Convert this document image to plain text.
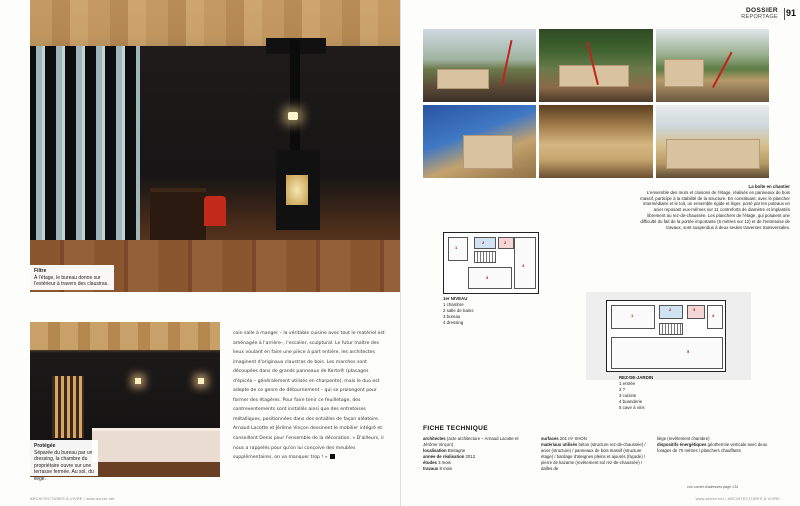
Filtre
À l'étage, le bureau donne sur l'extérieur à travers des claustras.
Protégée
Séparée du bureau par un dressing, la chambre du propriétaire ouvre sur une terrasse fermée. Au sol, du liège.
coin salle à manger – la véritable cuisine avec tout le matériel est aménagée à l'arrière–, l'escalier, sculptural. Le futur maître des lieux voulant en faire une pièce à part entière, les architectes imaginent d'originaux claustras de bois. Les marches sont découpées dans de grands panneaux de Kerto® (placages d'épicéa – généralement utilisés en charpente), mais le duo est adepte de ce genre de détournement – qui se prolongent pour former des étagères. Pour faire tenir ce feuilletage, des contreventements sont installés ainsi que des entretoises métalliques, positionnées dans des entailles de façon aléatoire. Arnaud Lacotte et Jérôme Vinçon dessinent le mobilier intégré et conseillent Denis pour l'ensemble de la décoration. « D'ailleurs, il nous a rappelés pour qu'on lui conçoive des meubles supplémentaires, on va manquer trop ! »
ARCHITECTURES À VIVRE / www.avivre.net
DOSSIER
REPORTAGE 91
La boîte en chantier
L'ensemble des murs et cloisons de l'étage, réalisés en panneaux de bois massif, participe à la stabilité de la structure. En constituant, avec le plancher intermédiaire et le toit, un ensemble rigide et léger, porté par les poteaux en acier reposant eux-mêmes sur 11 contreforts de diamètre et implantés librement au rez-de-chaussée. Les planchers de l'étage, qui posaient une difficulté du fait de la portée importante (6 mètres sur 12) et de l'entretoise de travaux, sont suspendus à deux seules traverses transversales.
1
2	2
3
4
1er NIVEAU
1 chambre
2 salle de bains
3 bureau
4 dressing
1
2	3
4
5
REZ-DE-JARDIN
1 entrée
2 ?
3 cuisine
4 buanderie
5 cave à vins
FICHE TECHNIQUE
architectes (acte architecture – Arnaud Lacotte et Jérôme Vinçon)
localisation Bretagne
année de réalisation 2012
études 3 mois
travaux 8 mois
surfaces 201 m² SHON
matériaux utilisés béton (structure rez-de-chaussée) / acier (structure) / panneaux de bois massif (structure étage) / bardage d'ateignes pleins et ajourés (façade) / pierre de kazame (revêtement sol rez-de-chaussée) / dalles de
liège (revêtement chambre)
dispositifs énergétiques géothermie verticale avec deux forages de 70 mètres / planchers chauffants
voir carnet d'adresses page 134
www.avivre.net / ARCHITECTURES À VIVRE
